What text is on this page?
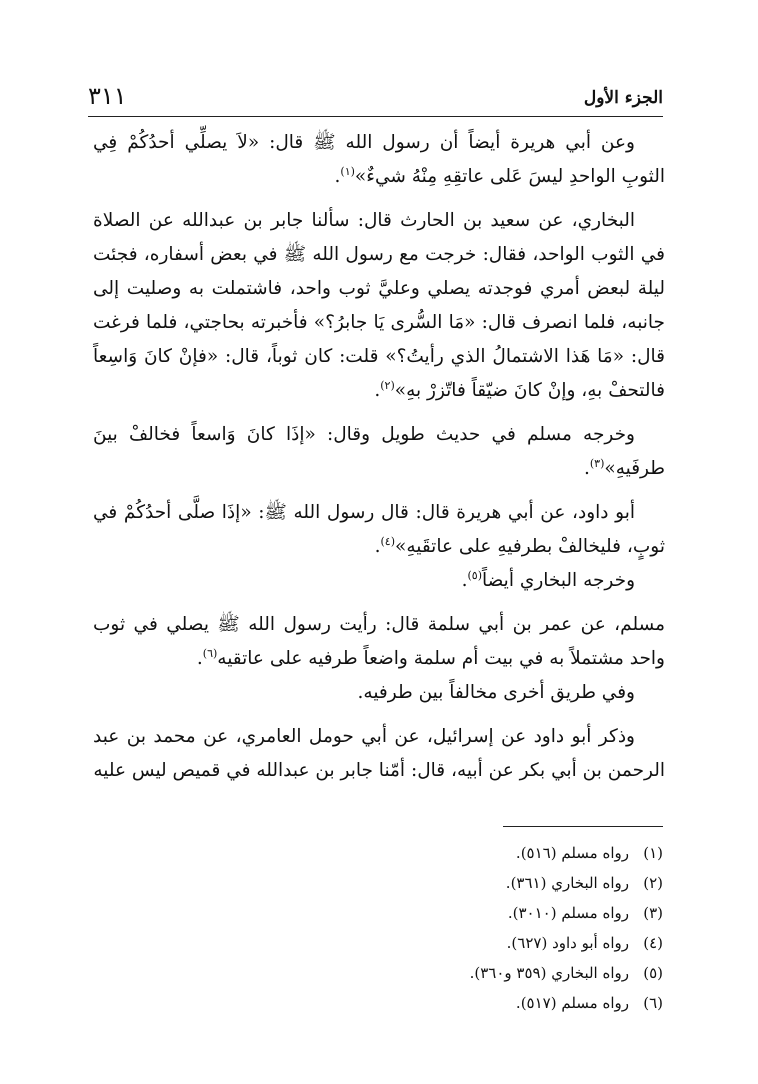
الجزء الأول
٣١١

وعن أبي هريرة أيضاً أن رسول الله ﷺ قال: «لاَ يصلِّي أحدُكُمْ فِي الثوبِ الواحدِ ليسَ عَلى عاتقِهِ مِنْهُ شيءٌ»$^{(١)}$.

البخاري، عن سعيد بن الحارث قال: سألنا جابر بن عبدالله عن الصلاة في الثوب الواحد، فقال: خرجت مع رسول الله ﷺ في بعض أسفاره، فجئت ليلة لبعض أمري فوجدته يصلي وعليَّ ثوب واحد، فاشتملت به وصليت إلى جانبه، فلما انصرف قال: «مَا السُّرى يَا جابرُ؟» فأخبرته بحاجتي، فلما فرغت قال: «مَا هَذا الاشتمالُ الذي رأيتُ؟» قلت: كان ثوباً، قال: «فإنْ كانَ وَاسِعاً فالتحفْ بهِ، وإنْ كانَ ضيّقاً فاتّزرْ بهِ»$^{(٢)}$.

وخرجه مسلم في حديث طويل وقال: «إذَا كانَ وَاسعاً فخالفْ بينَ طرفَيهِ»$^{(٣)}$.

أبو داود، عن أبي هريرة قال: قال رسول الله ﷺ: «إذَا صلَّى أحدُكُمْ في ثوبٍ، فليخالفْ بطرفيهِ على عاتقَيهِ»$^{(٤)}$.

وخرجه البخاري أيضاً$^{(٥)}$.

مسلم، عن عمر بن أبي سلمة قال: رأيت رسول الله ﷺ يصلي في ثوب واحد مشتملاً به في بيت أم سلمة واضعاً طرفيه على عاتقيه$^{(٦)}$.

وفي طريق أخرى مخالفاً بين طرفيه.

وذكر أبو داود عن إسرائيل، عن أبي حومل العامري، عن محمد بن عبد الرحمن بن أبي بكر عن أبيه، قال: أمّنا جابر بن عبدالله في قميص ليس عليه

(١)
رواه مسلم (٥١٦).
(٢)
رواه البخاري (٣٦١).
(٣)
رواه مسلم (٣٠١٠).
(٤)
رواه أبو داود (٦٢٧).
(٥)
رواه البخاري (٣٥٩ و٣٦٠).
(٦)
رواه مسلم (٥١٧).
